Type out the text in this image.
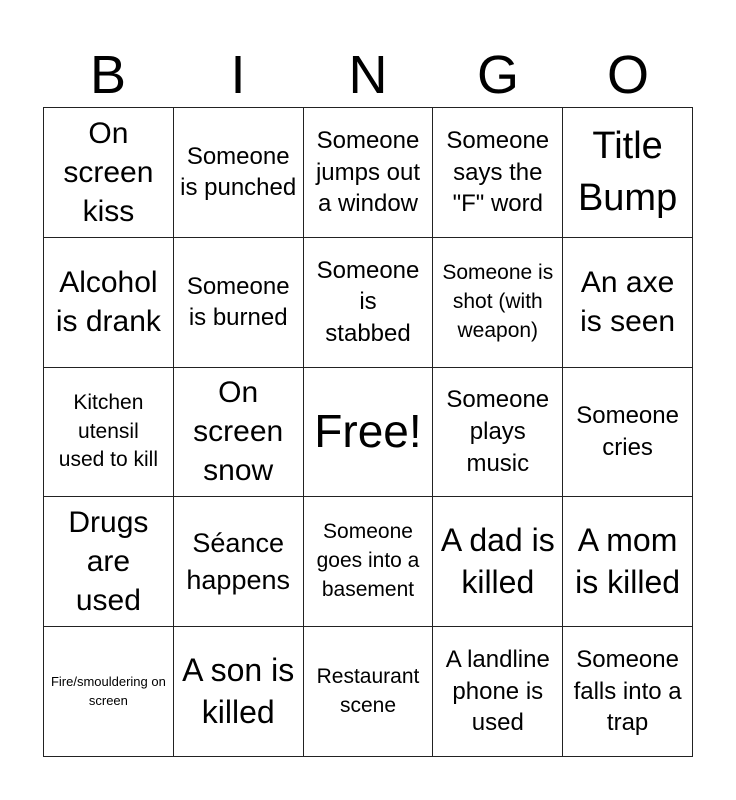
B	I	N	G	O
On screen kiss
Someone is punched
Someone jumps out a window
Someone says the "F" word
Title Bump
Alcohol is drank
Someone is burned
Someone is stabbed
Someone is shot (with weapon)
An axe is seen
Kitchen utensil used to kill
On screen snow
Free!
Someone plays music
Someone cries
Drugs are used
Séance happens
Someone goes into a basement
A dad is killed
A mom is killed
Fire/smouldering on screen
A son is killed
Restaurant scene
A landline phone is used
Someone falls into a trap
